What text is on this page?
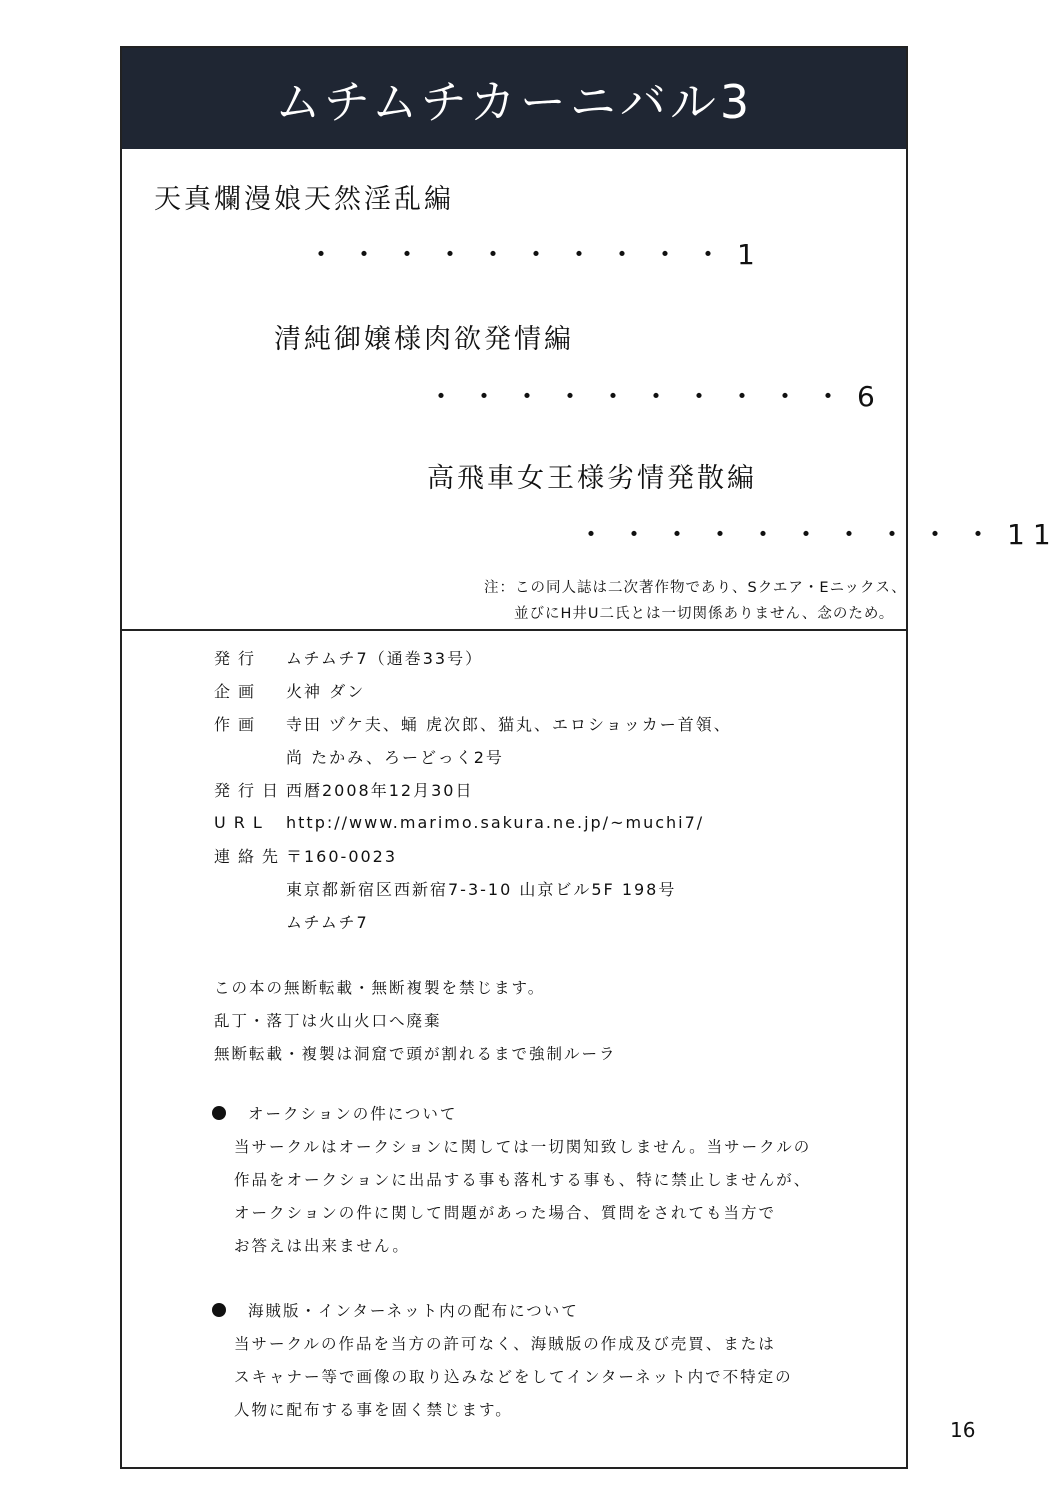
ムチムチカーニバル3
天真爛漫娘天然淫乱編
・・・・・・・・・・1
清純御嬢様肉欲発情編
・・・・・・・・・・6
高飛車女王様劣情発散編
・・・・・・・・・・11
注：この同人誌は二次著作物であり、Sクエア・Eニックス、
並びにH井U二氏とは一切関係ありません、念のため。
発行	ムチムチ7（通巻33号）
企画	火神 ダン
作画	寺田 ヅケ夫、蛹 虎次郎、猫丸、エロショッカー首領、
尚 たかみ、ろーどっく2号
発行日 西暦2008年12月30日
URL	http://www.marimo.sakura.ne.jp/~muchi7/
連絡先 〒160-0023
東京都新宿区西新宿7-3-10 山京ビル5F 198号
ムチムチ7
この本の無断転載・無断複製を禁じます。
乱丁・落丁は火山火口へ廃棄
無断転載・複製は洞窟で頭が割れるまで強制ルーラ
オークションの件について
当サークルはオークションに関しては一切関知致しません。当サークルの
作品をオークションに出品する事も落札する事も、特に禁止しませんが、
オークションの件に関して問題があった場合、質問をされても当方で
お答えは出来ません。
海賊版・インターネット内の配布について
当サークルの作品を当方の許可なく、海賊版の作成及び売買、または
スキャナー等で画像の取り込みなどをしてインターネット内で不特定の
人物に配布する事を固く禁じます。
16
